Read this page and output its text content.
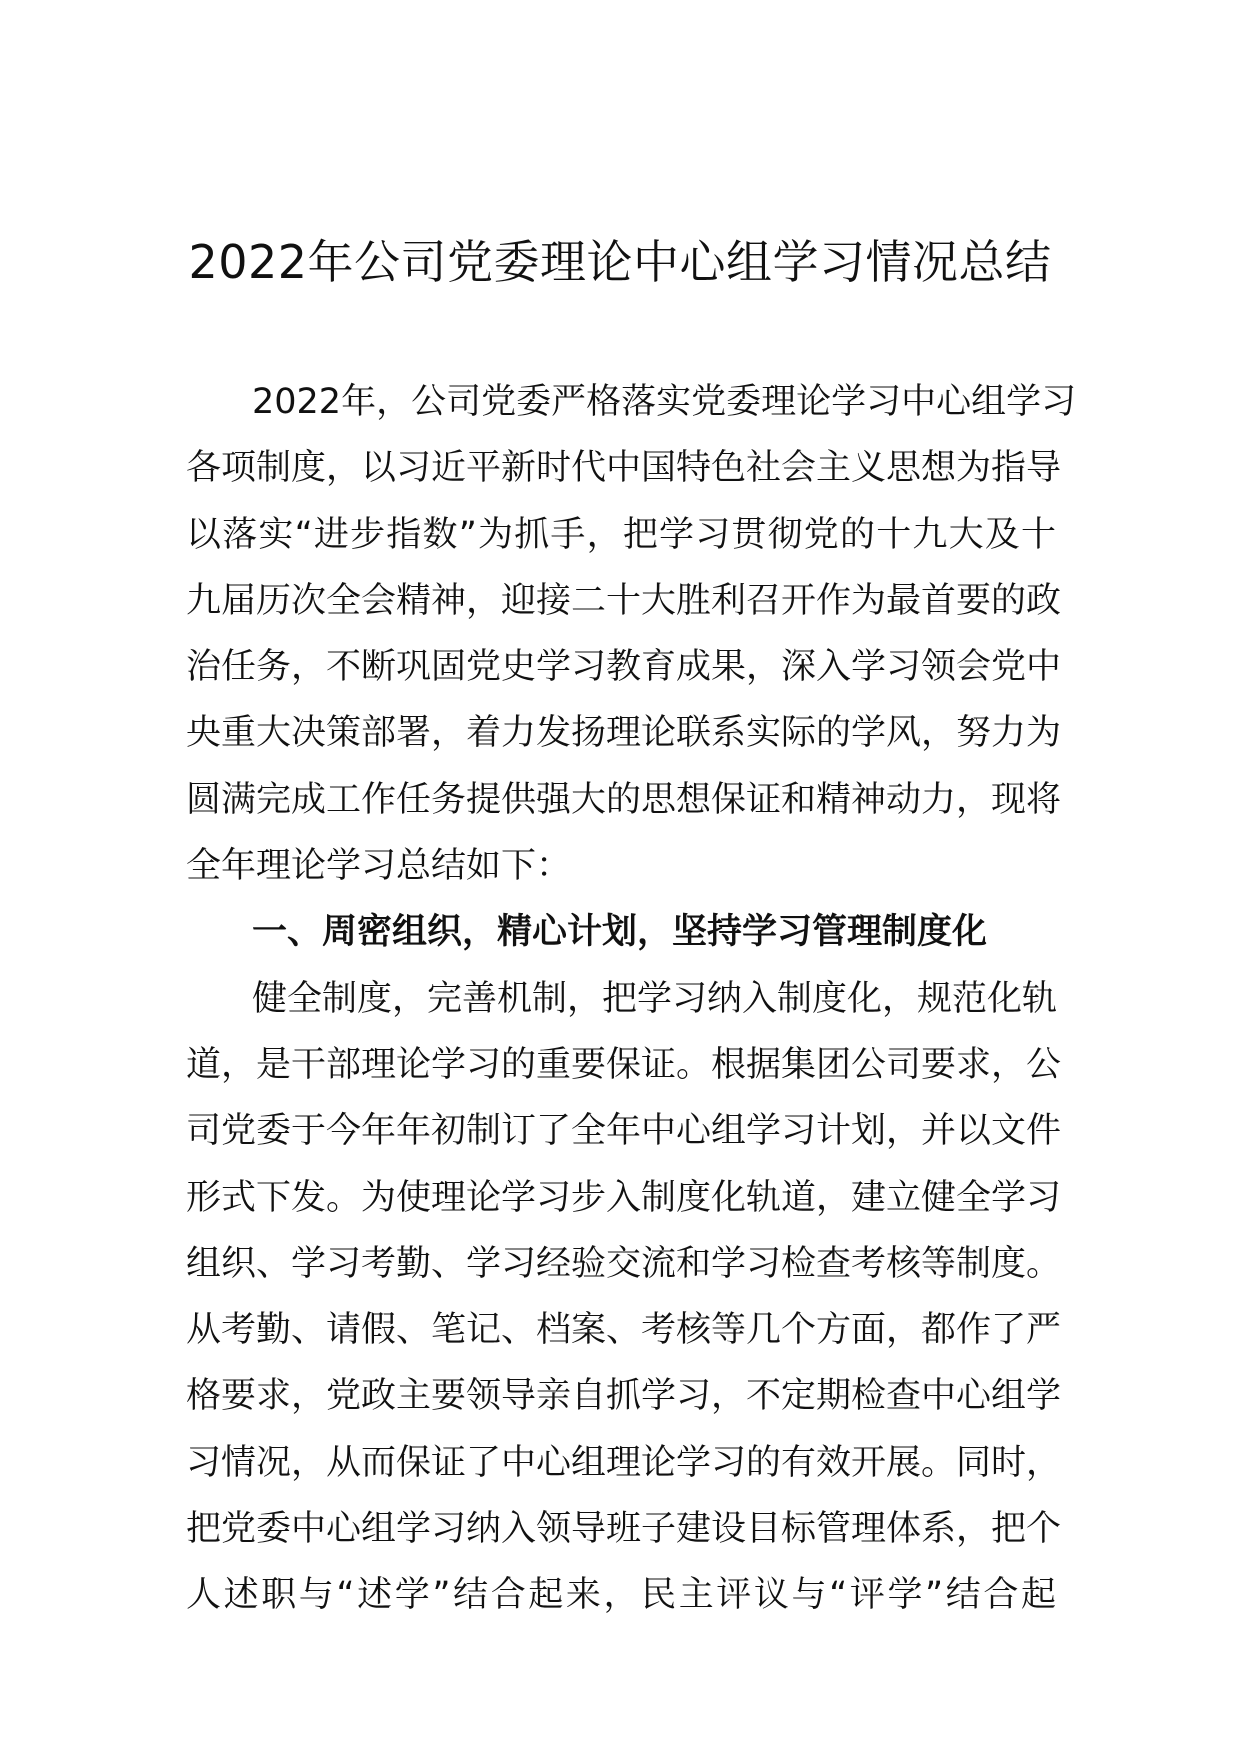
2022年公司党委理论中心组学习情况总结
2022年，公司党委严格落实党委理论学习中心组学习
各项制度，以习近平新时代中国特色社会主义思想为指导
以落实“进步指数”为抓手，把学习贯彻党的十九大及十
九届历次全会精神，迎接二十大胜利召开作为最首要的政
治任务，不断巩固党史学习教育成果，深入学习领会党中
央重大决策部署，着力发扬理论联系实际的学风，努力为
圆满完成工作任务提供强大的思想保证和精神动力，现将
全年理论学习总结如下：
一、周密组织，精心计划，坚持学习管理制度化
健全制度，完善机制，把学习纳入制度化，规范化轨
道，是干部理论学习的重要保证。根据集团公司要求，公
司党委于今年年初制订了全年中心组学习计划，并以文件
形式下发。为使理论学习步入制度化轨道，建立健全学习
组织、学习考勤、学习经验交流和学习检查考核等制度。
从考勤、请假、笔记、档案、考核等几个方面，都作了严
格要求，党政主要领导亲自抓学习，不定期检查中心组学
习情况，从而保证了中心组理论学习的有效开展。同时，
把党委中心组学习纳入领导班子建设目标管理体系，把个
人述职与“述学”结合起来，民主评议与“评学”结合起
